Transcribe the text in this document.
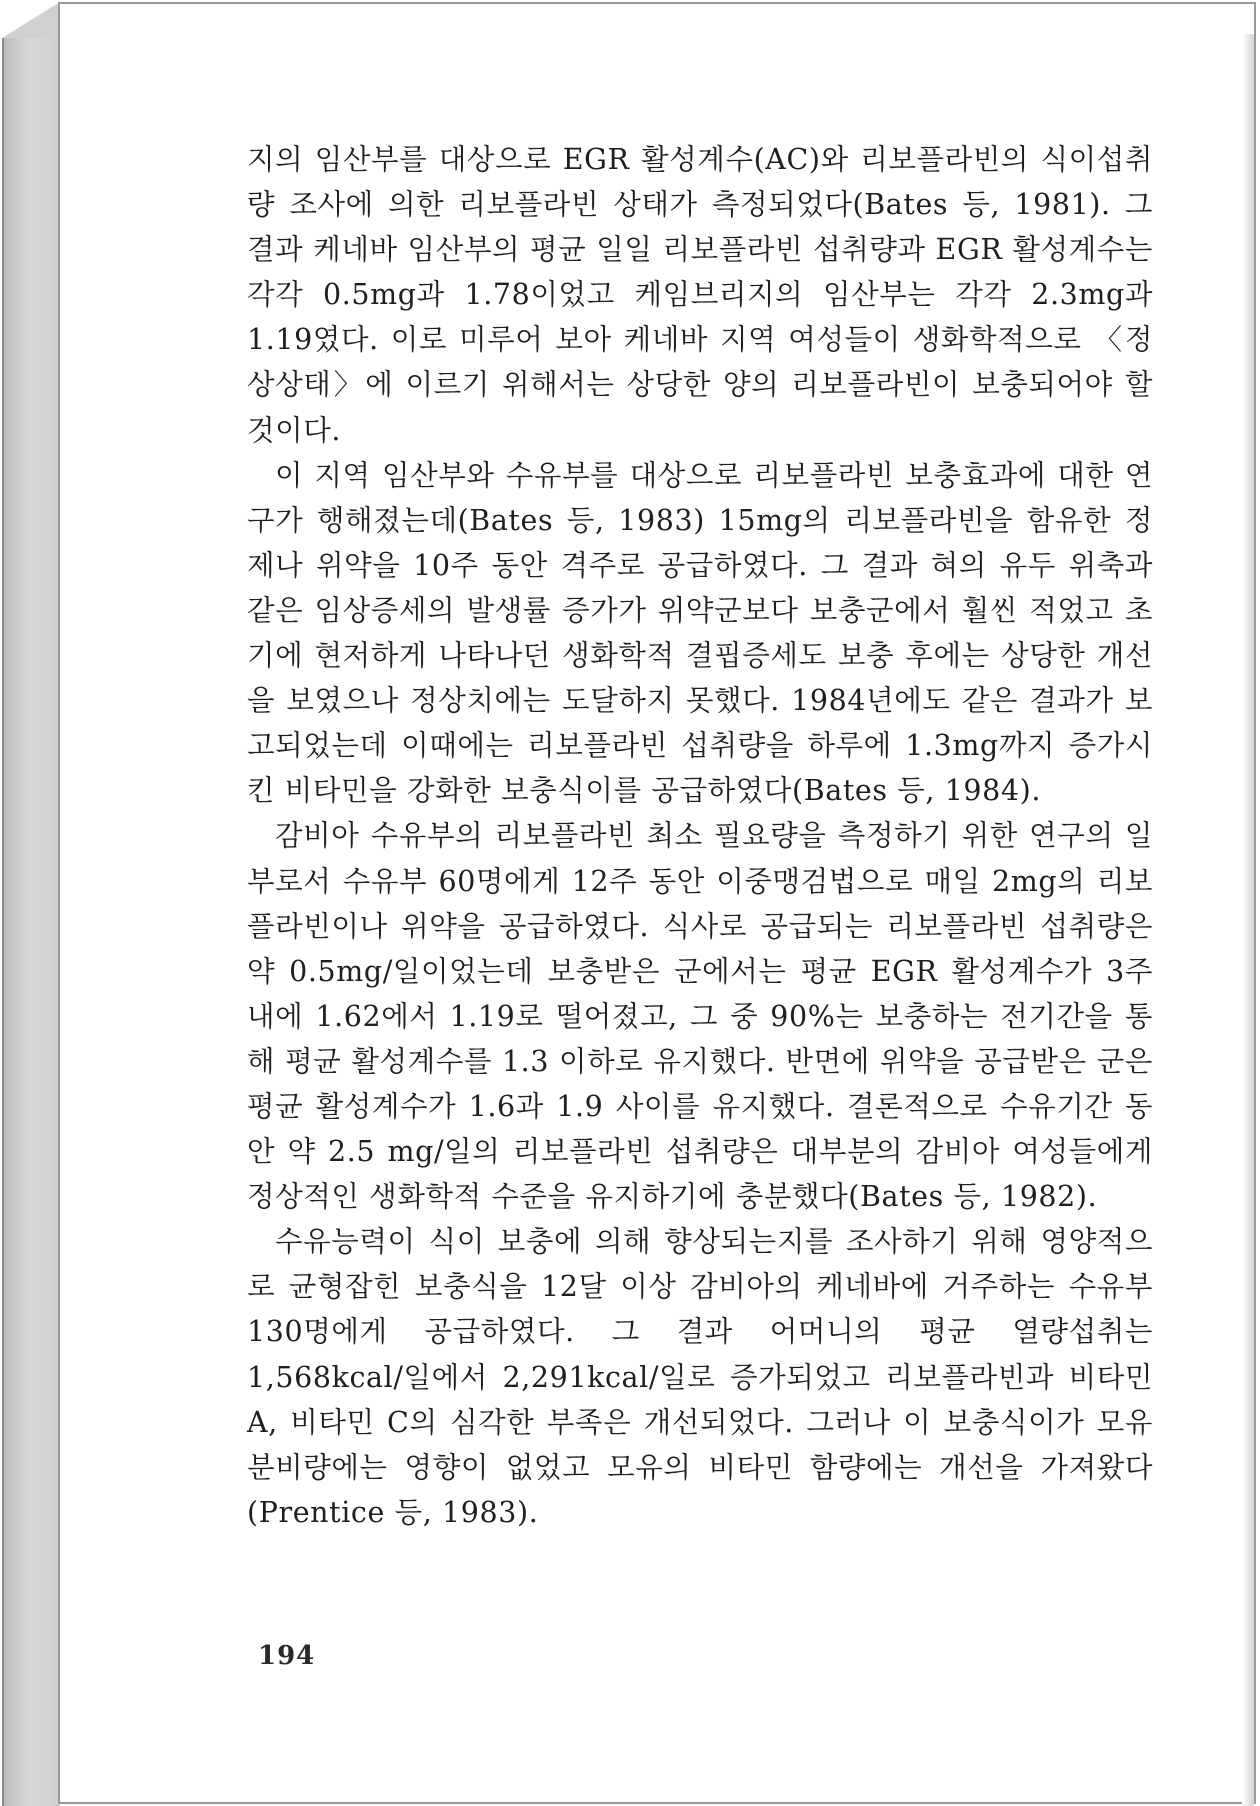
지의 임산부를 대상으로 EGR 활성계수(AC)와 리보플라빈의 식이섭취량 조사에 의한 리보플라빈 상태가 측정되었다(Bates 등, 1981). 그 결과 케네바 임산부의 평균 일일 리보플라빈 섭취량과 EGR 활성계수는 각각 0.5mg과 1.78이었고 케임브리지의 임산부는 각각 2.3mg과 1.19였다. 이로 미루어 보아 케네바 지역 여성들이 생화학적으로 〈정상상태〉에 이르기 위해서는 상당한 양의 리보플라빈이 보충되어야 할 것이다.

이 지역 임산부와 수유부를 대상으로 리보플라빈 보충효과에 대한 연구가 행해졌는데(Bates 등, 1983) 15mg의 리보플라빈을 함유한 정제나 위약을 10주 동안 격주로 공급하였다. 그 결과 혀의 유두 위축과 같은 임상증세의 발생률 증가가 위약군보다 보충군에서 훨씬 적었고 초기에 현저하게 나타나던 생화학적 결핍증세도 보충 후에는 상당한 개선을 보였으나 정상치에는 도달하지 못했다. 1984년에도 같은 결과가 보고되었는데 이때에는 리보플라빈 섭취량을 하루에 1.3mg까지 증가시킨 비타민을 강화한 보충식이를 공급하였다(Bates 등, 1984).

감비아 수유부의 리보플라빈 최소 필요량을 측정하기 위한 연구의 일부로서 수유부 60명에게 12주 동안 이중맹검법으로 매일 2mg의 리보플라빈이나 위약을 공급하였다. 식사로 공급되는 리보플라빈 섭취량은 약 0.5mg/일이었는데 보충받은 군에서는 평균 EGR 활성계수가 3주 내에 1.62에서 1.19로 떨어졌고, 그 중 90%는 보충하는 전기간을 통해 평균 활성계수를 1.3 이하로 유지했다. 반면에 위약을 공급받은 군은 평균 활성계수가 1.6과 1.9 사이를 유지했다. 결론적으로 수유기간 동안 약 2.5 mg/일의 리보플라빈 섭취량은 대부분의 감비아 여성들에게 정상적인 생화학적 수준을 유지하기에 충분했다(Bates 등, 1982).

수유능력이 식이 보충에 의해 향상되는지를 조사하기 위해 영양적으로 균형잡힌 보충식을 12달 이상 감비아의 케네바에 거주하는 수유부 130명에게 공급하였다. 그 결과 어머니의 평균 열량섭취는 1,568kcal/일에서 2,291kcal/일로 증가되었고 리보플라빈과 비타민 A, 비타민 C의 심각한 부족은 개선되었다. 그러나 이 보충식이가 모유분비량에는 영향이 없었고 모유의 비타민 함량에는 개선을 가져왔다(Prentice 등, 1983).

194
